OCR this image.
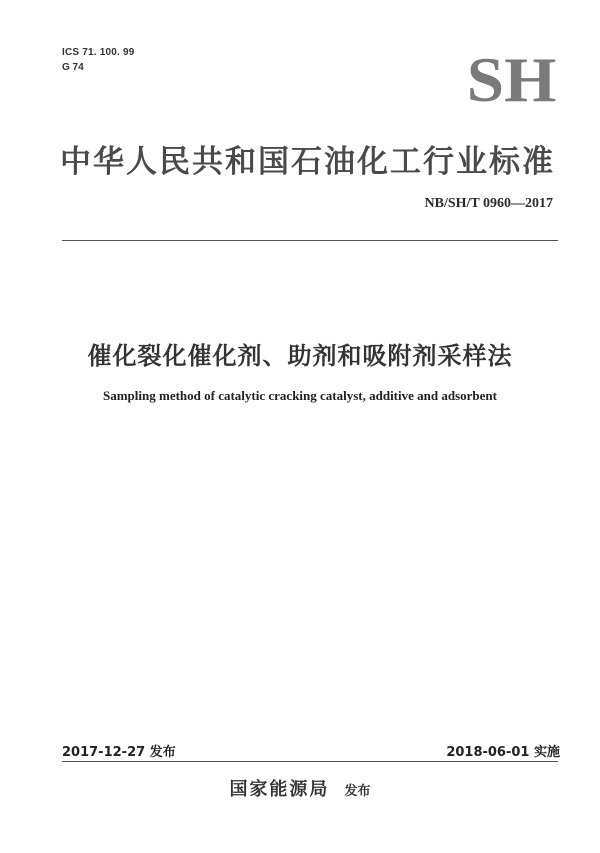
ICS 71. 100. 99
G 74	SH
中华人民共和国石油化工行业标准
NB/SH/T 0960—2017
催化裂化催化剂、助剂和吸附剂采样法
Sampling method of catalytic cracking catalyst, additive and adsorbent
2017-12-27 发布	2018-06-01 实施
国家能源局 发布
